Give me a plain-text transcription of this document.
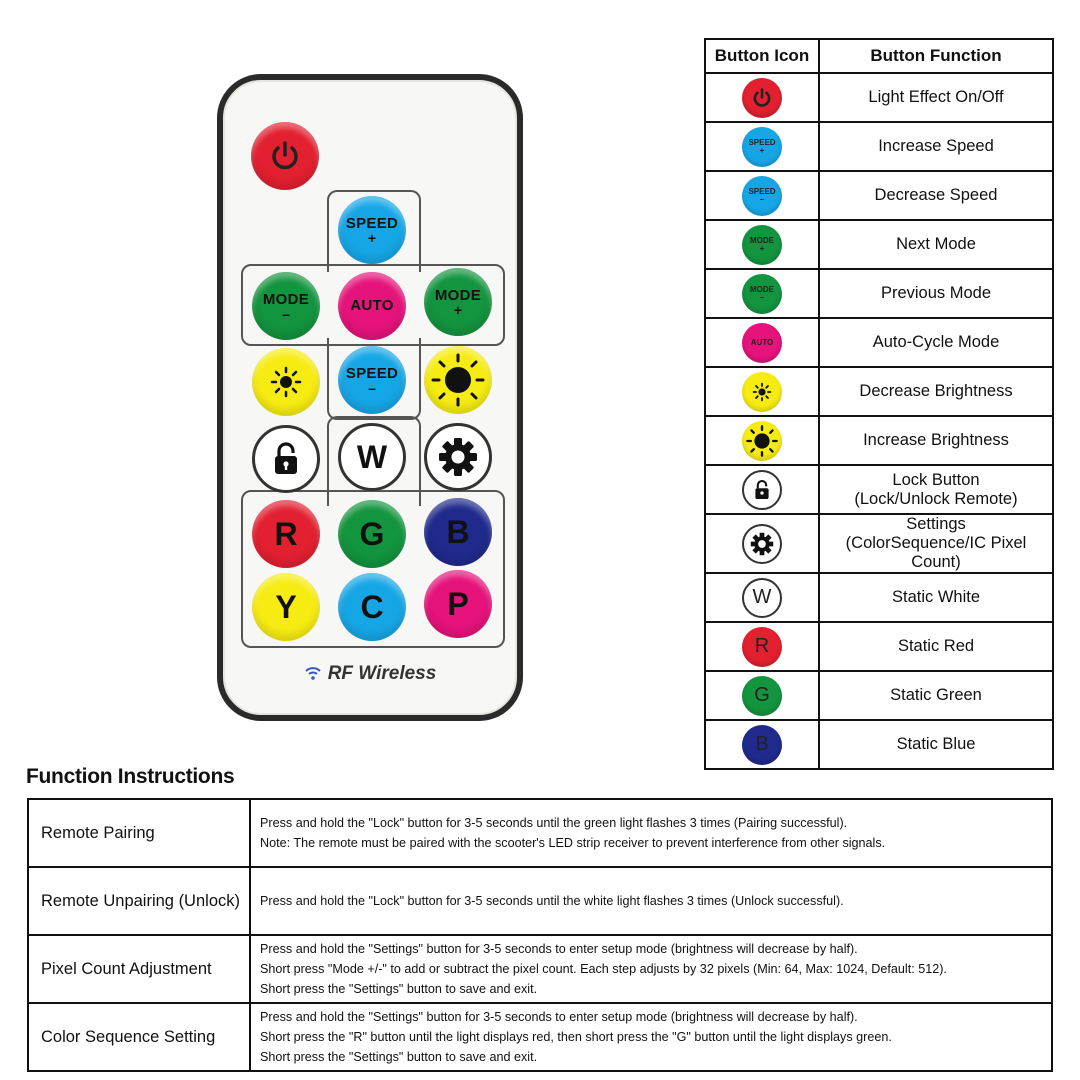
SPEED
+
MODE
–	AUTO
MODE
+
SPEED
–
W
R G B
Y C P
RF Wireless
Button Icon	Button Function

	Light Effect On/Off

SPEED
+	Increase Speed

SPEED
–	Decrease Speed

MODE
+	Next Mode

MODE
–	Previous Mode

AUTO	Auto-Cycle Mode

	Decrease Brightness

	Increase Brightness

	Lock Button
(Lock/Unlock Remote)

	Settings
(ColorSequence/IC Pixel Count)

W	Static White

R	Static Red

G	Static Green

B	Static Blue
Function Instructions
Remote Pairing	Press and hold the "Lock" button for 3-5 seconds until the green light flashes 3 times (Pairing successful).
Note: The remote must be paired with the scooter's LED strip receiver to prevent interference from other signals.

Remote Unpairing (Unlock)	Press and hold the "Lock" button for 3-5 seconds until the white light flashes 3 times (Unlock successful).

Pixel Count Adjustment	Press and hold the "Settings" button for 3-5 seconds to enter setup mode (brightness will decrease by half).
Short press "Mode +/-" to add or subtract the pixel count. Each step adjusts by 32 pixels (Min: 64, Max: 1024, Default: 512).
Short press the "Settings" button to save and exit.

Color Sequence Setting	Press and hold the "Settings" button for 3-5 seconds to enter setup mode (brightness will decrease by half).
Short press the "R" button until the light displays red, then short press the "G" button until the light displays green.
Short press the "Settings" button to save and exit.
